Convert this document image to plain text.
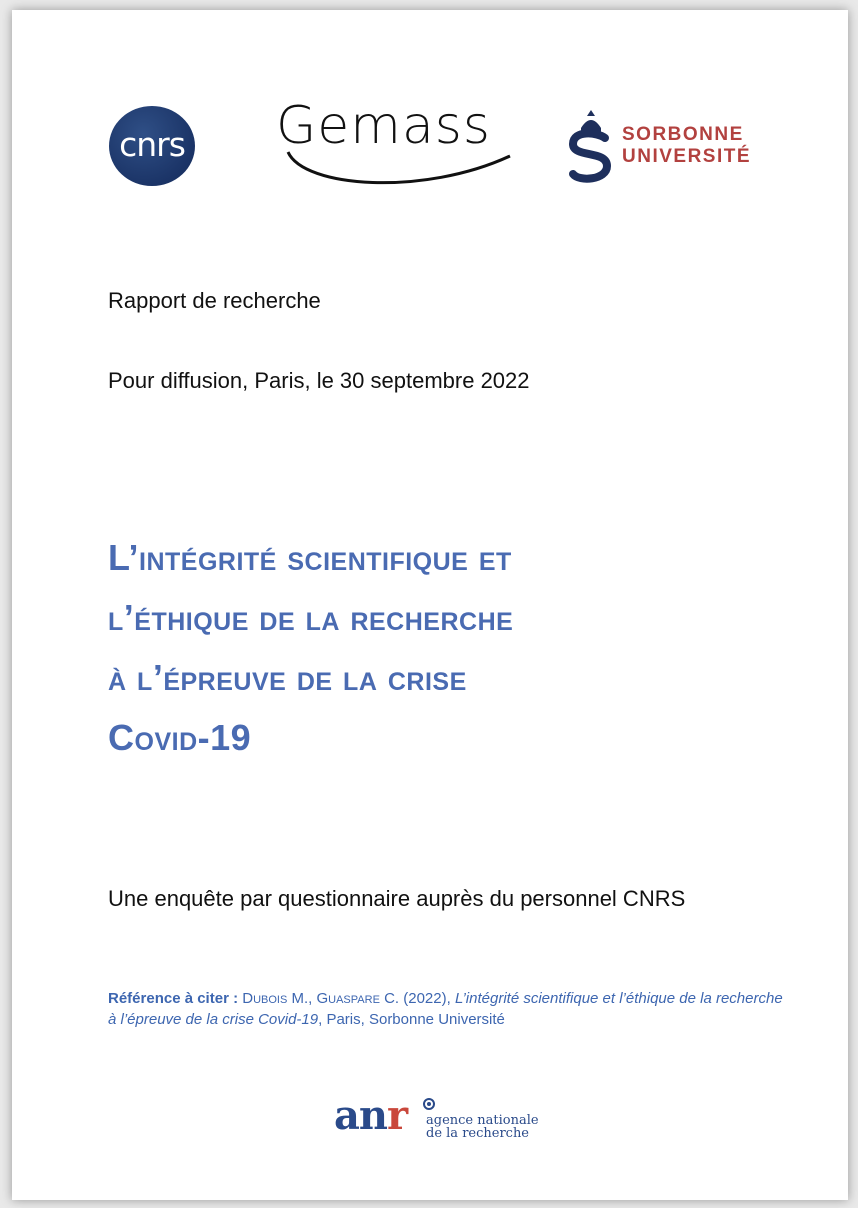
cnrs Gemass	SORBONNE
UNIVERSITÉ
Rapport de recherche
Pour diffusion, Paris, le 30 septembre 2022
L’intégrité scientifique et
l’éthique de la recherche
à l’épreuve de la crise
Covid-19
Une enquête par questionnaire auprès du personnel CNRS
Référence à citer : Dubois M., Guaspare C. (2022), L’intégrité scientifique et l’éthique de la recherche à l’épreuve de la crise Covid-19, Paris, Sorbonne Université
anr agence nationale
de la recherche
